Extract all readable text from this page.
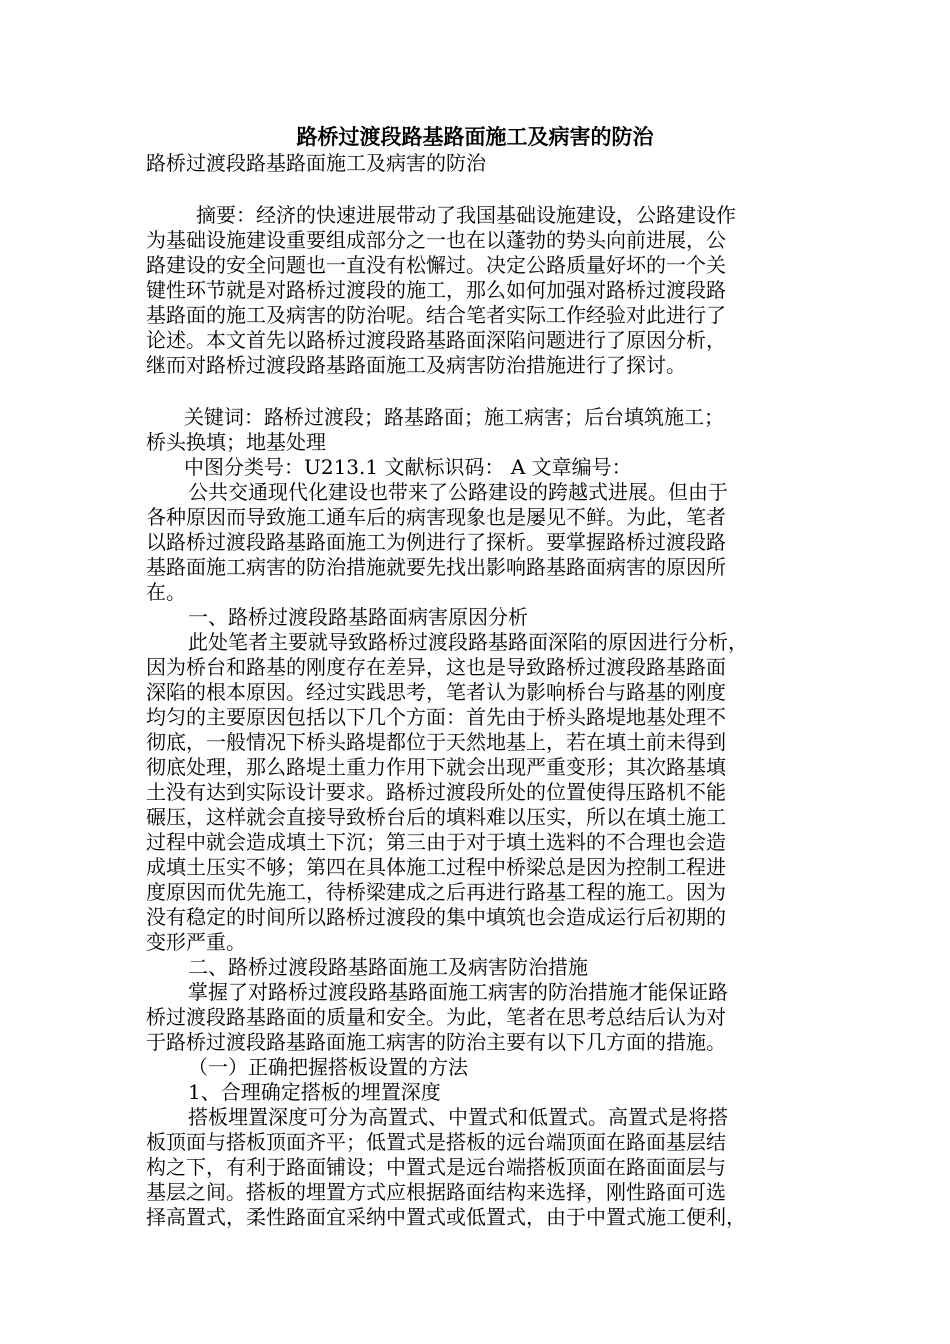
路桥过渡段路基路面施工及病害的防治
路桥过渡段路基路面施工及病害的防治
摘要：经济的快速进展带动了我国基础设施建设，公路建设作
为基础设施建设重要组成部分之一也在以蓬勃的势头向前进展，公
路建设的安全问题也一直没有松懈过。决定公路质量好坏的一个关
键性环节就是对路桥过渡段的施工，那么如何加强对路桥过渡段路
基路面的施工及病害的防治呢。结合笔者实际工作经验对此进行了
论述。本文首先以路桥过渡段路基路面深陷问题进行了原因分析，
继而对路桥过渡段路基路面施工及病害防治措施进行了探讨。
关键词：路桥过渡段；路基路面；施工病害；后台填筑施工；
桥头换填；地基处理
中图分类号：U213.1 文献标识码： A 文章编号：
公共交通现代化建设也带来了公路建设的跨越式进展。但由于
各种原因而导致施工通车后的病害现象也是屡见不鲜。为此，笔者
以路桥过渡段路基路面施工为例进行了探析。要掌握路桥过渡段路
基路面施工病害的防治措施就要先找出影响路基路面病害的原因所
在。
一、路桥过渡段路基路面病害原因分析
此处笔者主要就导致路桥过渡段路基路面深陷的原因进行分析，
因为桥台和路基的刚度存在差异，这也是导致路桥过渡段路基路面
深陷的根本原因。经过实践思考，笔者认为影响桥台与路基的刚度
均匀的主要原因包括以下几个方面：首先由于桥头路堤地基处理不
彻底，一般情况下桥头路堤都位于天然地基上，若在填土前未得到
彻底处理，那么路堤土重力作用下就会出现严重变形；其次路基填
土没有达到实际设计要求。路桥过渡段所处的位置使得压路机不能
碾压，这样就会直接导致桥台后的填料难以压实，所以在填土施工
过程中就会造成填土下沉；第三由于对于填土选料的不合理也会造
成填土压实不够；第四在具体施工过程中桥梁总是因为控制工程进
度原因而优先施工，待桥梁建成之后再进行路基工程的施工。因为
没有稳定的时间所以路桥过渡段的集中填筑也会造成运行后初期的
变形严重。
二、路桥过渡段路基路面施工及病害防治措施
掌握了对路桥过渡段路基路面施工病害的防治措施才能保证路
桥过渡段路基路面的质量和安全。为此，笔者在思考总结后认为对
于路桥过渡段路基路面施工病害的防治主要有以下几方面的措施。
（一）正确把握搭板设置的方法
1、合理确定搭板的埋置深度
搭板埋置深度可分为高置式、中置式和低置式。高置式是将搭
板顶面与搭板顶面齐平；低置式是搭板的远台端顶面在路面基层结
构之下，有利于路面铺设；中置式是远台端搭板顶面在路面面层与
基层之间。搭板的埋置方式应根据路面结构来选择，刚性路面可选
择高置式，柔性路面宜采纳中置式或低置式，由于中置式施工便利，
